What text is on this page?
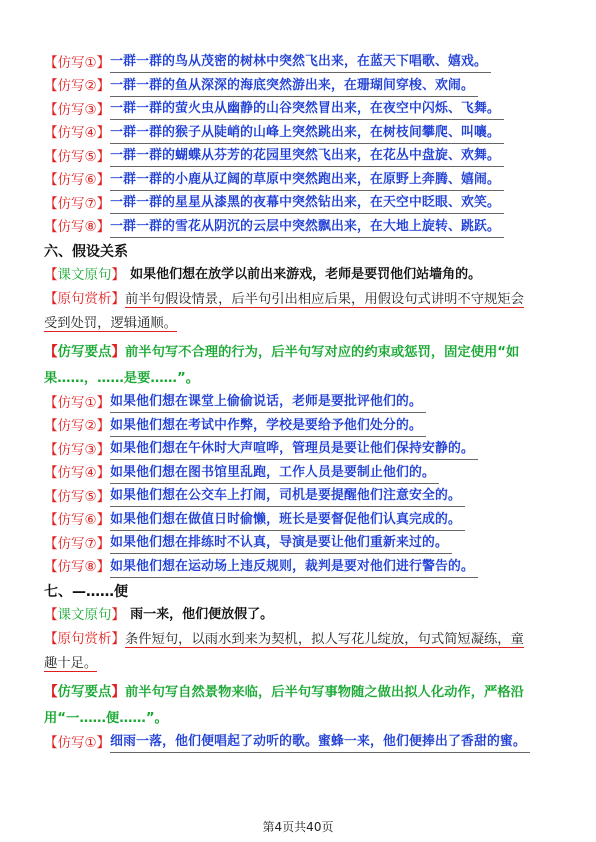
【仿写①】一群一群的鸟从茂密的树林中突然飞出来，在蓝天下唱歌、嬉戏。
【仿写②】一群一群的鱼从深深的海底突然游出来，在珊瑚间穿梭、欢闹。
【仿写③】一群一群的萤火虫从幽静的山谷突然冒出来，在夜空中闪烁、飞舞。
【仿写④】一群一群的猴子从陡峭的山峰上突然跳出来，在树枝间攀爬、叫嚷。
【仿写⑤】一群一群的蝴蝶从芬芳的花园里突然飞出来，在花丛中盘旋、欢舞。
【仿写⑥】一群一群的小鹿从辽阔的草原中突然跑出来，在原野上奔腾、嬉闹。
【仿写⑦】一群一群的星星从漆黑的夜幕中突然钻出来，在天空中眨眼、欢笑。
【仿写⑧】一群一群的雪花从阴沉的云层中突然飘出来，在大地上旋转、跳跃。
六、假设关系
【课文原句】 如果他们想在放学以前出来游戏，老师是要罚他们站墙角的。
【原句赏析】前半句假设情景，后半句引出相应后果，用假设句式讲明不守规矩会
受到处罚，逻辑通顺。
【仿写要点】前半句写不合理的行为，后半句写对应的约束或惩罚，固定使用“如
果……，……是要……”。
【仿写①】如果他们想在课堂上偷偷说话，老师是要批评他们的。
【仿写②】如果他们想在考试中作弊，学校是要给予他们处分的。
【仿写③】如果他们想在午休时大声喧哗，管理员是要让他们保持安静的。
【仿写④】如果他们想在图书馆里乱跑，工作人员是要制止他们的。
【仿写⑤】如果他们想在公交车上打闹，司机是要提醒他们注意安全的。
【仿写⑥】如果他们想在做值日时偷懒，班长是要督促他们认真完成的。
【仿写⑦】如果他们想在排练时不认真，导演是要让他们重新来过的。
【仿写⑧】如果他们想在运动场上违反规则，裁判是要对他们进行警告的。
七、—……便
【课文原句】 雨一来，他们便放假了。
【原句赏析】条件短句，以雨水到来为契机，拟人写花儿绽放，句式简短凝练，童
趣十足。
【仿写要点】前半句写自然景物来临，后半句写事物随之做出拟人化动作，严格沿
用“一……便……”。
【仿写①】细雨一落，他们便唱起了动听的歌。蜜蜂一来，他们便捧出了香甜的蜜。
第4页共40页
